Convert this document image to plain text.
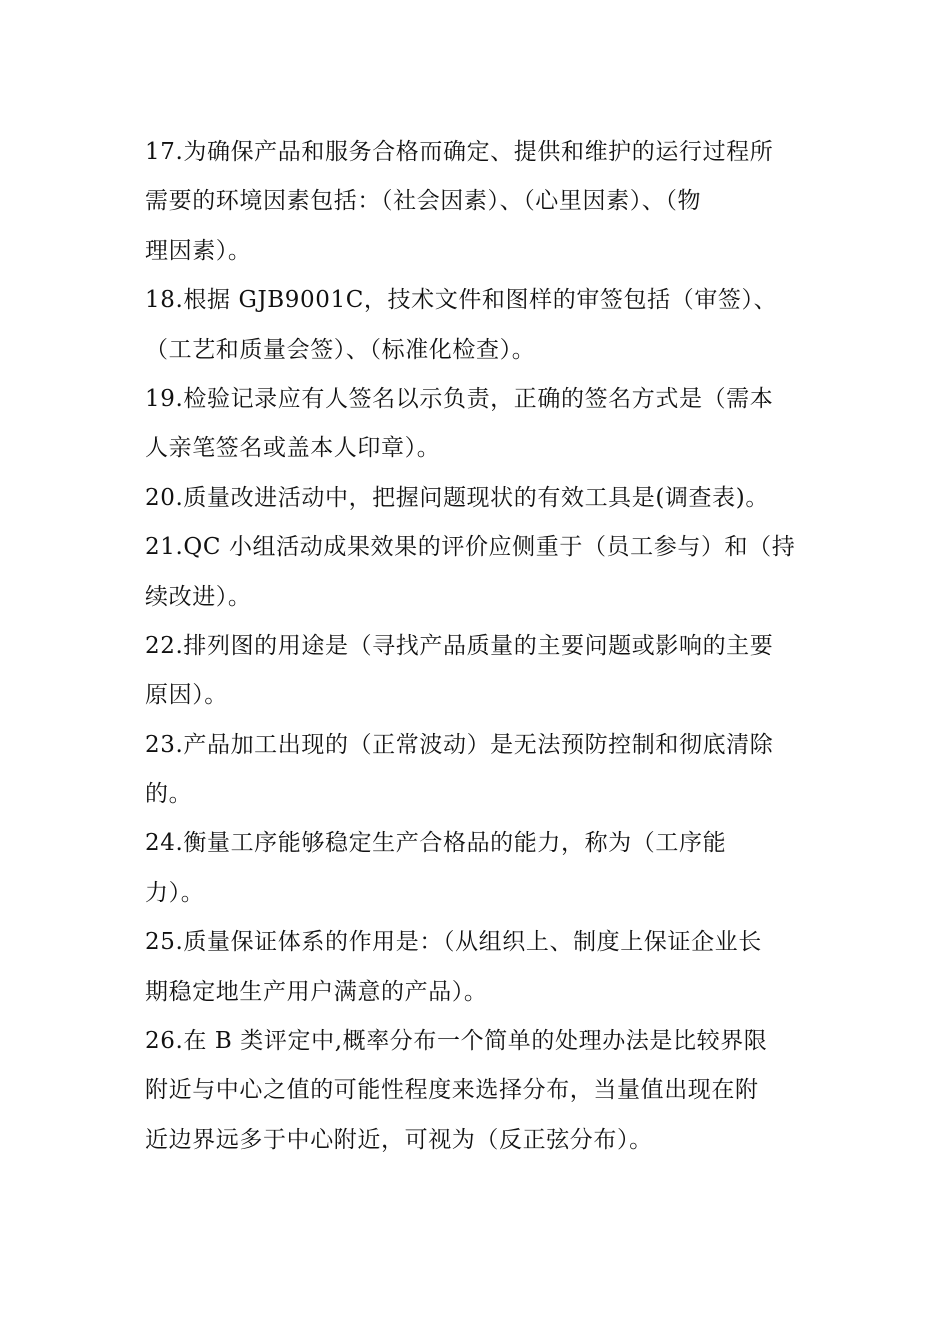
17.为确保产品和服务合格而确定、提供和维护的运行过程所
需要的环境因素包括：（社会因素）、（心里因素）、（物
理因素）。
18.根据 GJB9001C，技术文件和图样的审签包括（审签）、
（工艺和质量会签）、（标准化检查）。
19.检验记录应有人签名以示负责，正确的签名方式是（需本
人亲笔签名或盖本人印章）。
20.质量改进活动中，把握问题现状的有效工具是(调查表)。
21.QC 小组活动成果效果的评价应侧重于（员工参与）和（持
续改进）。
22.排列图的用途是（寻找产品质量的主要问题或影响的主要
原因）。
23.产品加工出现的（正常波动）是无法预防控制和彻底清除
的。
24.衡量工序能够稳定生产合格品的能力，称为（工序能
力）。
25.质量保证体系的作用是：（从组织上、制度上保证企业长
期稳定地生产用户满意的产品）。
26.在 B 类评定中,概率分布一个简单的处理办法是比较界限
附近与中心之值的可能性程度来选择分布，当量值出现在附
近边界远多于中心附近，可视为（反正弦分布）。
